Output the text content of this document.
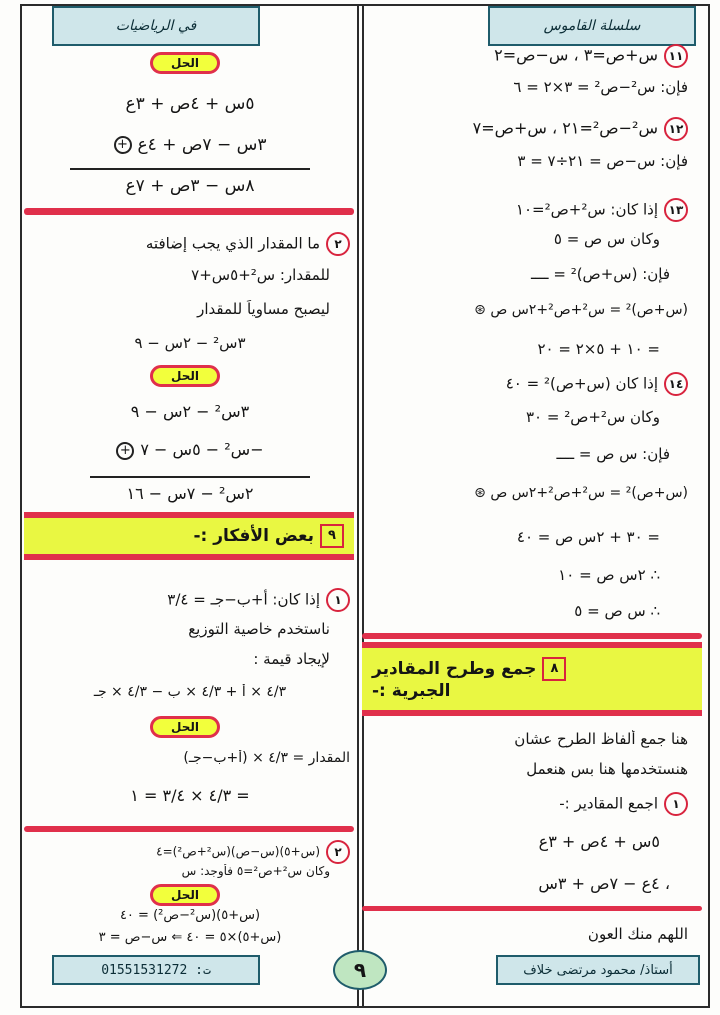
في الرياضيات	سلسلة القاموس
١١س+ص=٣ ، س−ص=٢
فإن: س²−ص² = ٣×٢ = ٦
١٢س²−ص²=٢١ ، س+ص=٧
فإن: س−ص = ٢١÷٧ = ٣
١٣إذا كان: س²+ص²=١٠
وكان س ص = ٥
فإن: (س+ص)² = ــــ
(س+ص)² = س²+ص²+٢س ص ⊛
= ١٠ + ٥×٢ = ٢٠
١٤إذا كان (س+ص)² = ٤٠
وكان س²+ص² = ٣٠
فإن: س ص = ــــ
(س+ص)² = س²+ص²+٢س ص ⊛
= ٣٠ + ٢س ص = ٤٠
∴ ٢س ص = ١٠
∴ س ص = ٥
٨جمع وطرح المقادير
الجبرية :-
هنا جمع ألفاظ الطرح عشان
هنستخدمها هنا بس هنعمل
١اجمع المقادير :-
٥س + ٤ص + ٣ع
، ٤ع − ٧ص + ٣س
اللهم منك العون
الحل
٥س + ٤ص + ٣ع
٣س − ٧ص + ٤ع+
٨س − ٣ص + ٧ع
٢ما المقدار الذي يجب إضافته
للمقدار: س²+٥س+٧
ليصبح مساوياً للمقدار
٣س² − ٢س − ٩
الحل
٣س² − ٢س − ٩
−س² − ٥س − ٧+
٢س² − ٧س − ١٦
٩
بعض الأفكار :-
١إذا كان: أ+ب−جـ = ٣/٤
ناستخدم خاصية التوزيع
لإيجاد قيمة :
٤/٣ × أ + ٤/٣ × ب − ٤/٣ × جـ
الحل
المقدار = ٤/٣ × (أ+ب−جـ)
= ٤/٣ × ٣/٤ = ١
٢(س+٥)(س−ص)(س²+ص²)=٤
وكان س²+ص²=٥ فأوجد: س
الحل
(س+٥)(س²−ص²) = ٤٠
(س+٥)×٥ = ٤٠ ⇐ س−ص = ٣
ت: 01551531272	٩	أستاذ/ محمود مرتضى خلاف
